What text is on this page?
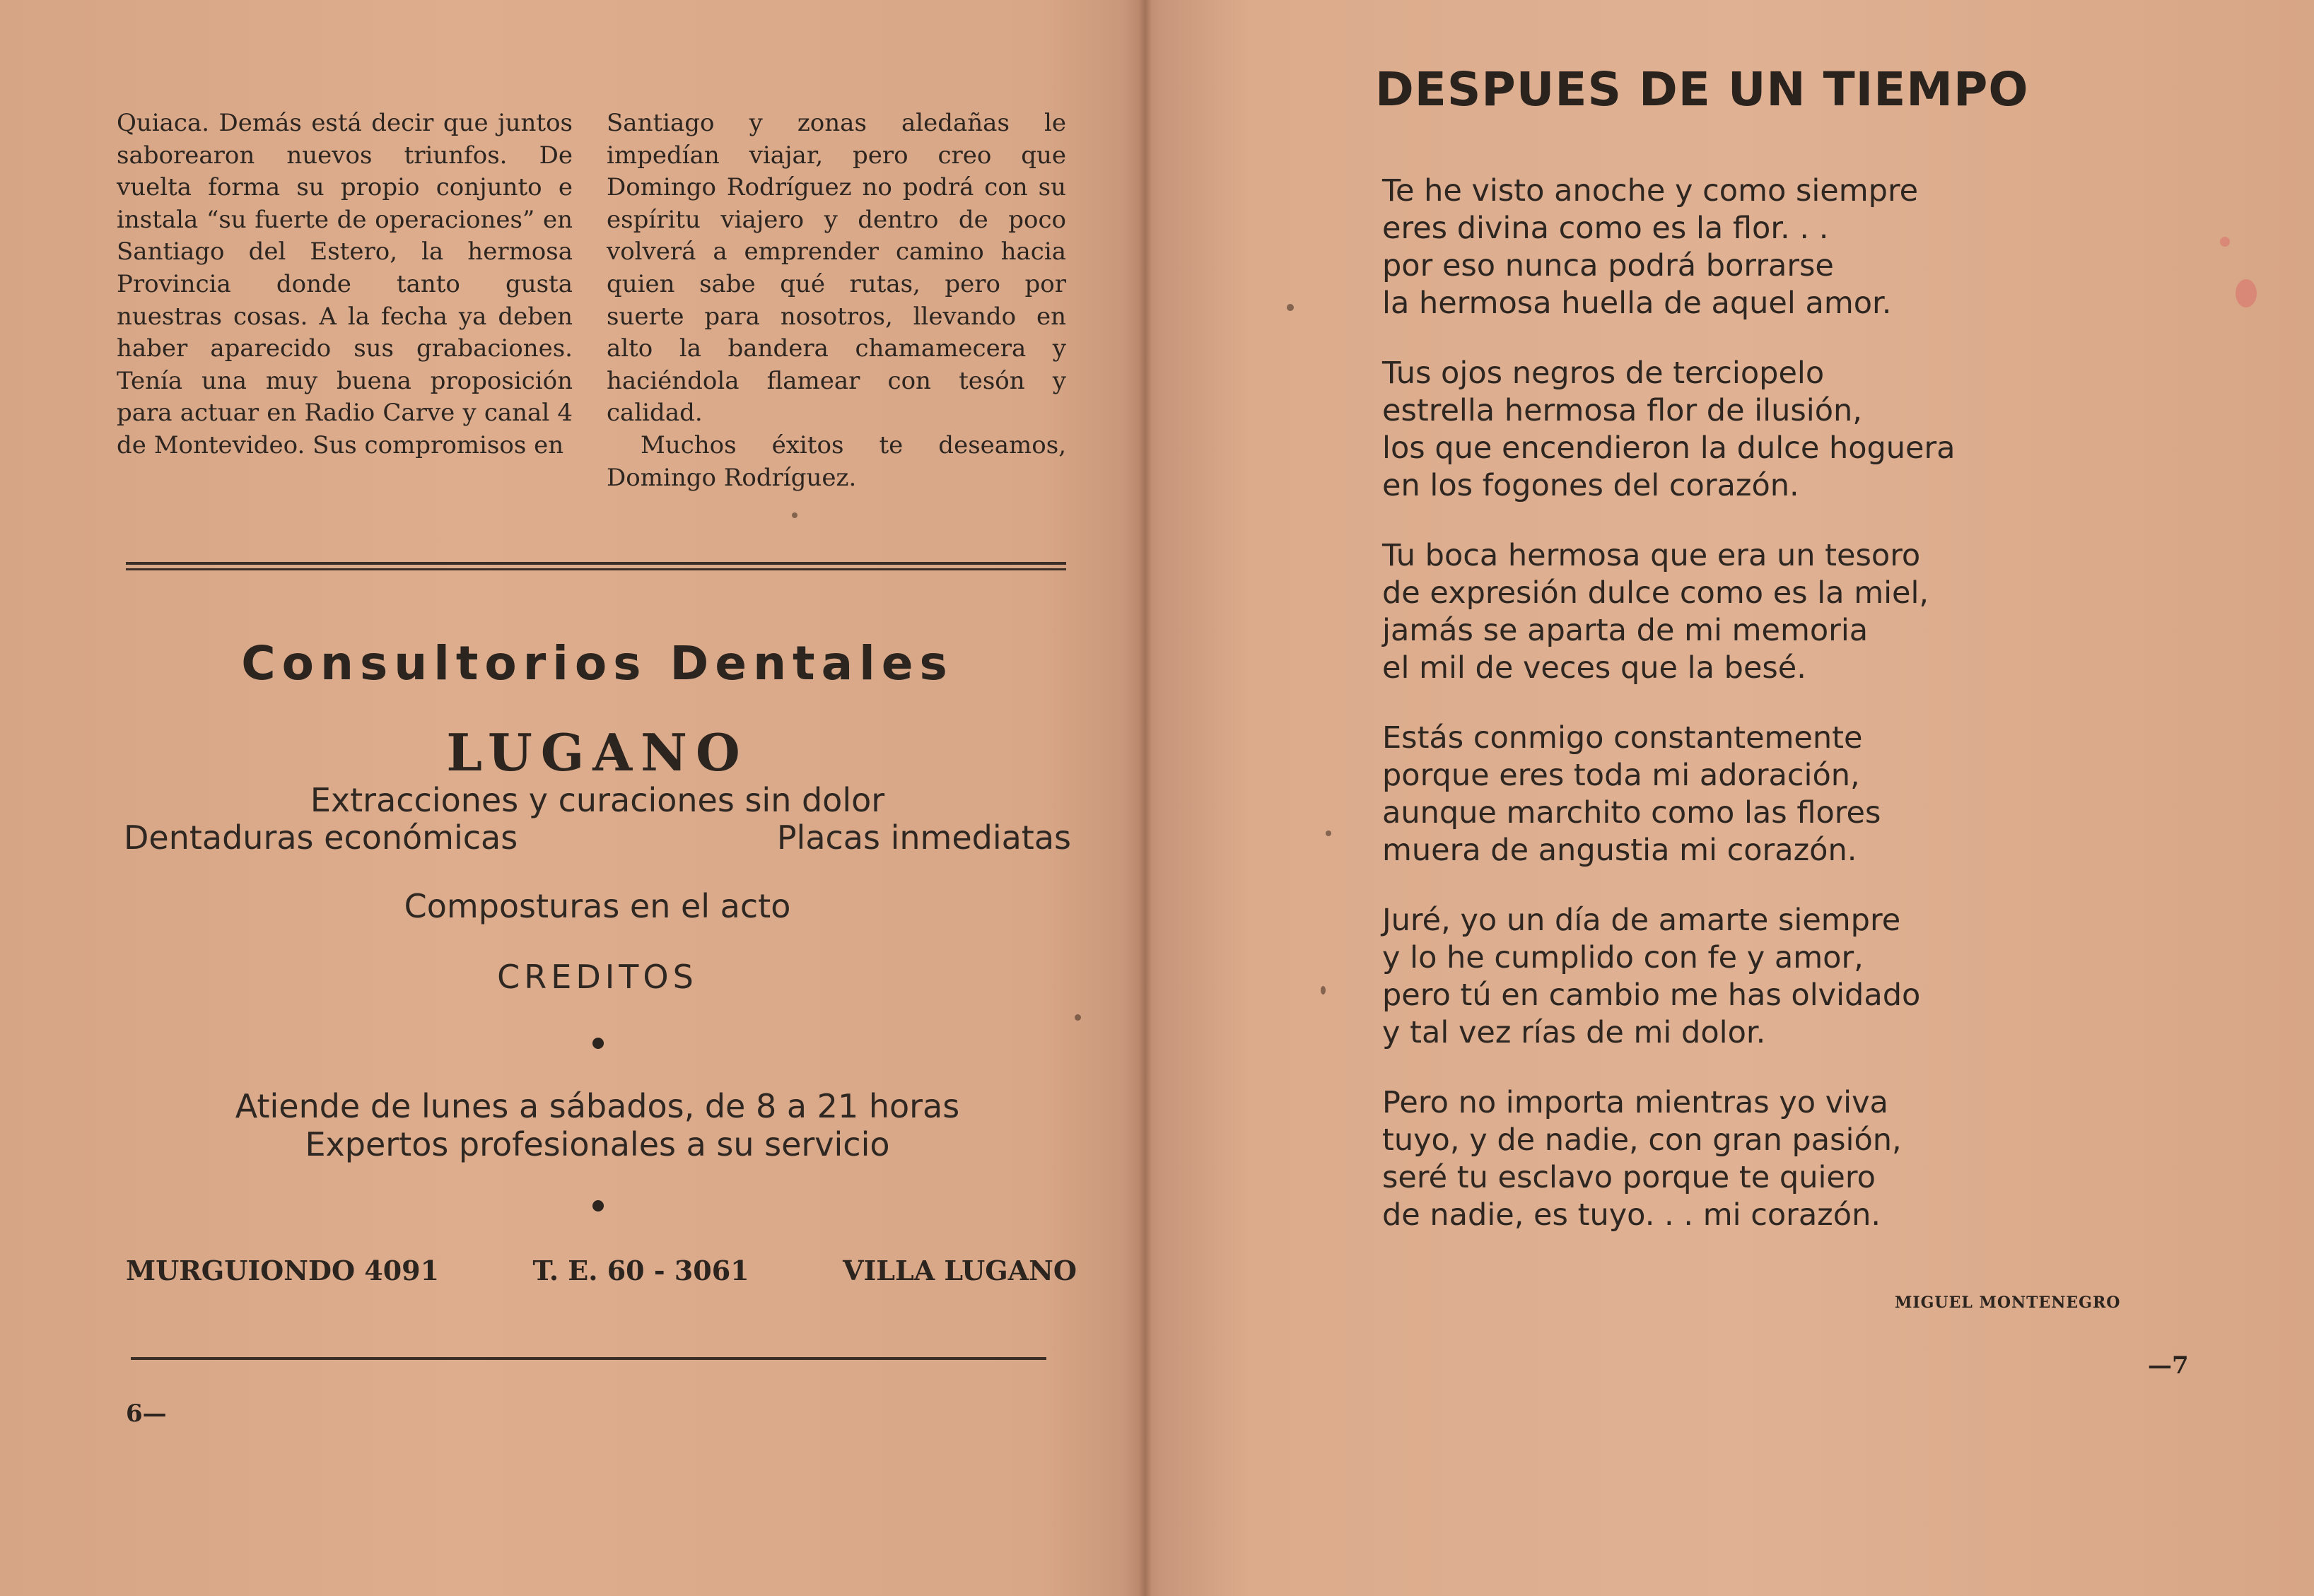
Quiaca. Demás está decir que juntos saborearon nuevos triunfos. De vuelta forma su propio conjunto e instala “su fuerte de operaciones” en Santiago del Estero, la hermosa Provincia donde tanto gusta nuestras cosas. A la fecha ya deben haber aparecido sus grabaciones. Tenía una muy buena proposición para actuar en Radio Carve y canal 4 de Montevideo. Sus compromisos en

Santiago y zonas aledañas le impedían viajar, pero creo que Domingo Rodríguez no podrá con su espíritu viajero y dentro de poco volverá a emprender camino hacia quien sabe qué rutas, pero por suerte para nosotros, llevando en alto la bandera chamamecera y haciéndola flamear con tesón y calidad.

Muchos éxitos te deseamos, Domingo Rodríguez.

Consultorios Dentales
LUGANO
Extracciones y curaciones sin dolor
Dentaduras económicas	Placas inmediatas
Composturas en el acto
CREDITOS
Atiende de lunes a sábados, de 8 a 21 horas
Expertos profesionales a su servicio
MURGUIONDO 4091	T. E. 60 - 3061	VILLA LUGANO
6—
DESPUES DE UN TIEMPO
Te he visto anoche y como siempre
eres divina como es la flor. . .
por eso nunca podrá borrarse
la hermosa huella de aquel amor.
Tus ojos negros de terciopelo
estrella hermosa flor de ilusión,
los que encendieron la dulce hoguera
en los fogones del corazón.
Tu boca hermosa que era un tesoro
de expresión dulce como es la miel,
jamás se aparta de mi memoria
el mil de veces que la besé.
Estás conmigo constantemente
porque eres toda mi adoración,
aunque marchito como las flores
muera de angustia mi corazón.
Juré, yo un día de amarte siempre
y lo he cumplido con fe y amor,
pero tú en cambio me has olvidado
y tal vez rías de mi dolor.
Pero no importa mientras yo viva
tuyo, y de nadie, con gran pasión,
seré tu esclavo porque te quiero
de nadie, es tuyo. . . mi corazón.
MIGUEL MONTENEGRO
—7
